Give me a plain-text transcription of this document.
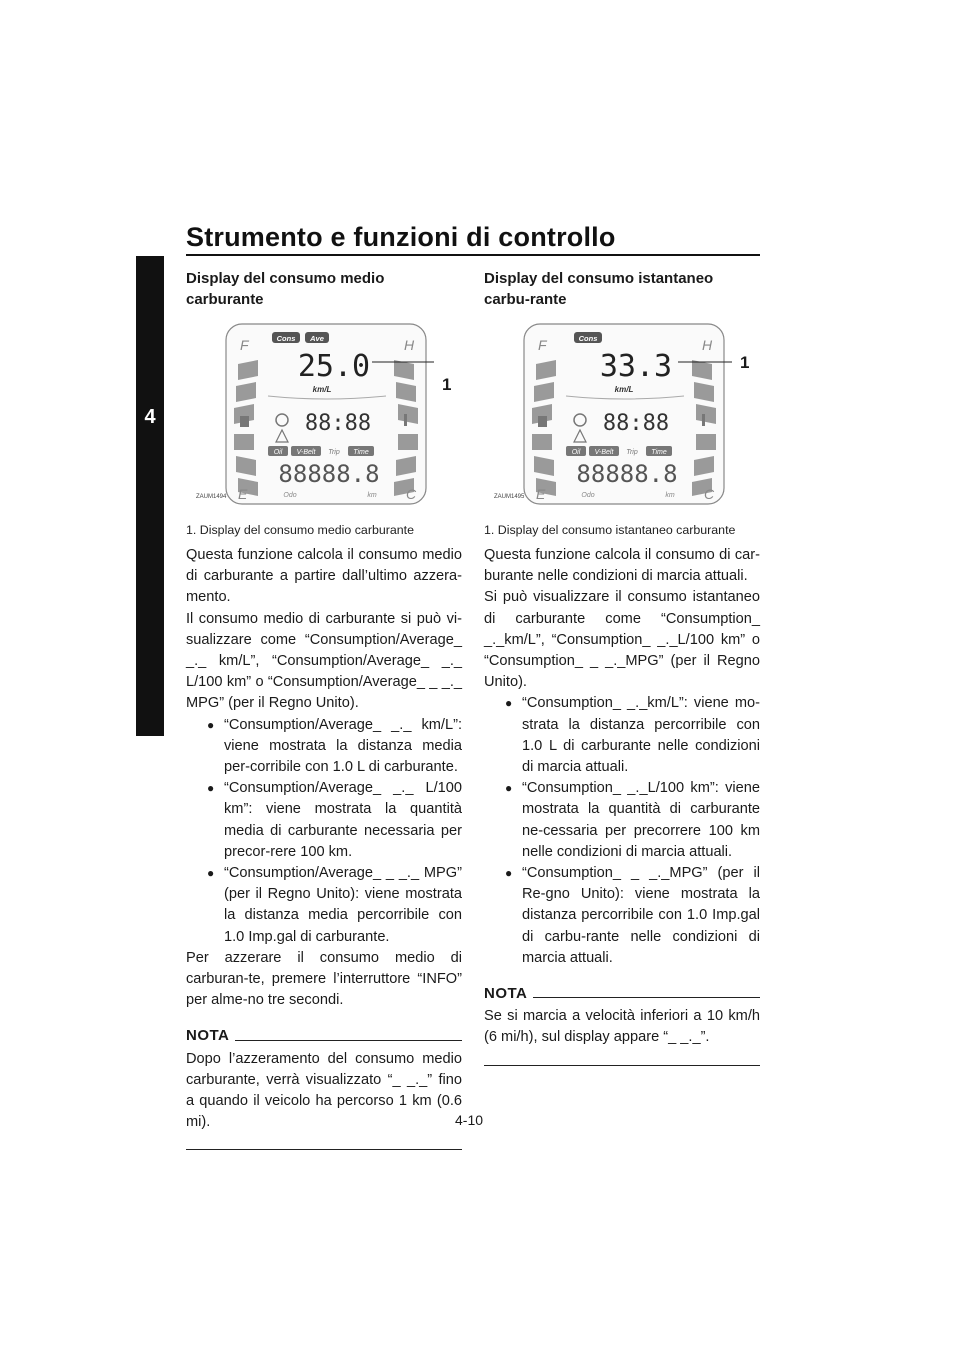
Strumento e funzioni di controllo
4
Display del consumo medio carburante
F	H
E	C
Cons Ave
25.0
km/L
88:88
Oil V-Belt Trip Time
88888.8
Odo	km
1
ZAUM1494
1. Display del consumo medio carburante

Questa funzione calcola il consumo medio di carburante a partire dall’ultimo azzera-mento.

Il consumo medio di carburante si può vi-sualizzare come “Consumption/Average_ _._ km/L”, “Consumption/Average_ _._ L/100 km” o “Consumption/Average_ _ _._ MPG” (per il Regno Unito).

● “Consumption/Average_ _._ km/L”: viene mostrata la distanza media per-corribile con 1.0 L di carburante.
● “Consumption/Average_ _._ L/100 km”: viene mostrata la quantità media di carburante necessaria per precor-rere 100 km.
● “Consumption/Average_ _ _._ MPG” (per il Regno Unito): viene mostrata la distanza media percorribile con 1.0 Imp.gal di carburante.

Per azzerare il consumo medio di carburan-te, premere l’interruttore “INFO” per alme-no tre secondi.

NOTA
Dopo l’azzeramento del consumo medio carburante, verrà visualizzato “_ _._” fino a quando il veicolo ha percorso 1 km (0.6 mi).
Display del consumo istantaneo carbu-rante
F	H
E	C
Cons
33.3
km/L
88:88
Oil V-Belt Trip Time
88888.8
Odo	km
1
ZAUM1495
1. Display del consumo istantaneo carburante

Questa funzione calcola il consumo di car-burante nelle condizioni di marcia attuali.

Si può visualizzare il consumo istantaneo di carburante come “Consumption_ _._km/L”, “Consumption_ _._L/100 km” o “Consumption_ _ _._MPG” (per il Regno Unito).

● “Consumption_ _._km/L”: viene mo-strata la distanza percorribile con 1.0 L di carburante nelle condizioni di marcia attuali.
● “Consumption_ _._L/100 km”: viene mostrata la quantità di carburante ne-cessaria per precorrere 100 km nelle condizioni di marcia attuali.
● “Consumption_ _ _._MPG” (per il Re-gno Unito): viene mostrata la distanza percorribile con 1.0 Imp.gal di carbu-rante nelle condizioni di marcia attuali.
NOTA
Se si marcia a velocità inferiori a 10 km/h (6 mi/h), sul display appare “_ _._”.
4-10
